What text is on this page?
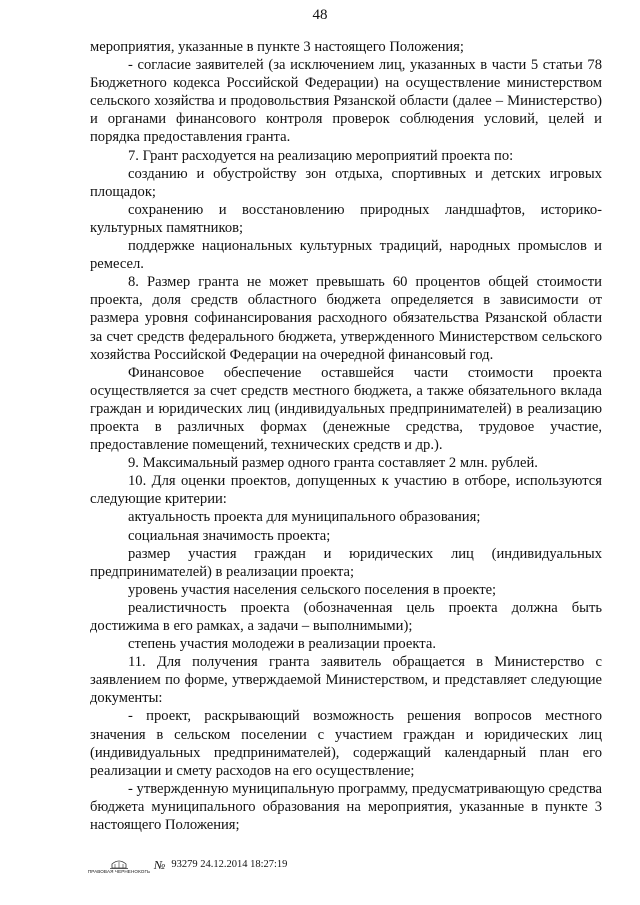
48

мероприятия, указанные в пункте 3 настоящего Положения;

- согласие заявителей (за исключением лиц, указанных в части 5 статьи 78 Бюджетного кодекса Российской Федерации) на осуществление министерством сельского хозяйства и продовольствия Рязанской области (далее – Министерство) и органами финансового контроля проверок соблюдения условий, целей и порядка предоставления гранта.

7. Грант расходуется на реализацию мероприятий проекта по:

созданию и обустройству зон отдыха, спортивных и детских игровых площадок;

сохранению и восстановлению природных ландшафтов, историко-культурных памятников;

поддержке национальных культурных традиций, народных промыслов и ремесел.

8. Размер гранта не может превышать 60 процентов общей стоимости проекта, доля средств областного бюджета определяется в зависимости от размера уровня софинансирования расходного обязательства Рязанской области за счет средств федерального бюджета, утвержденного Министерством сельского хозяйства Российской Федерации на очередной финансовый год.

Финансовое обеспечение оставшейся части стоимости проекта осуществляется за счет средств местного бюджета, а также обязательного вклада граждан и юридических лиц (индивидуальных предпринимателей) в реализацию проекта в различных формах (денежные средства, трудовое участие, предоставление помещений, технических средств и др.).

9. Максимальный размер одного гранта составляет 2 млн. рублей.

10. Для оценки проектов, допущенных к участию в отборе, используются следующие критерии:

актуальность проекта для муниципального образования;

социальная значимость проекта;

размер участия граждан и юридических лиц (индивидуальных предпринимателей) в реализации проекта;

уровень участия населения сельского поселения в проекте;

реалистичность проекта (обозначенная цель проекта должна быть достижима в его рамках, а задачи – выполнимыми);

степень участия молодежи в реализации проекта.

11. Для получения гранта заявитель обращается в Министерство с заявлением по форме, утверждаемой Министерством, и представляет следующие документы:

- проект, раскрывающий возможность решения вопросов местного значения в сельском поселении с участием граждан и юридических лиц (индивидуальных предпринимателей), содержащий календарный план его реализации и смету расходов на его осуществление;

- утвержденную муниципальную программу, предусматривающую средства бюджета муниципального образования на мероприятия, указанные в пункте 3 настоящего Положения;

ПРАВОВАЯ ЧЕРНЕНОКОГЬ № 93279 24.12.2014 18:27:19
